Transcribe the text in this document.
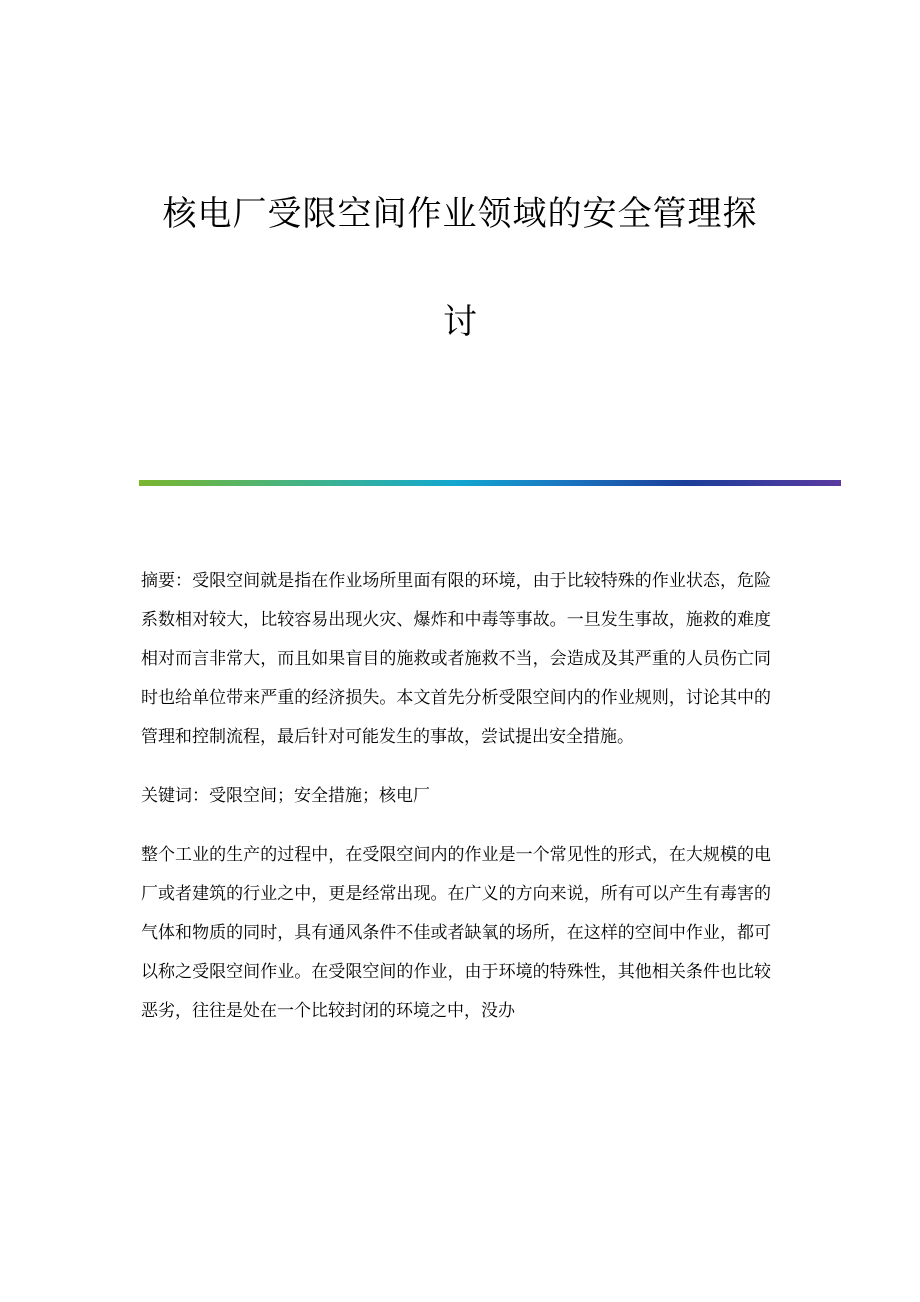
核电厂受限空间作业领域的安全管理探
讨

摘要：受限空间就是指在作业场所里面有限的环境，由于比较特殊的作业状态，危险系数相对较大，比较容易出现火灾、爆炸和中毒等事故。一旦发生事故，施救的难度相对而言非常大，而且如果盲目的施救或者施救不当，会造成及其严重的人员伤亡同时也给单位带来严重的经济损失。本文首先分析受限空间内的作业规则，讨论其中的管理和控制流程，最后针对可能发生的事故，尝试提出安全措施。

关键词：受限空间；安全措施；核电厂

整个工业的生产的过程中，在受限空间内的作业是一个常见性的形式，在大规模的电厂或者建筑的行业之中，更是经常出现。在广义的方向来说，所有可以产生有毒害的气体和物质的同时，具有通风条件不佳或者缺氧的场所，在这样的空间中作业，都可以称之受限空间作业。在受限空间的作业，由于环境的特殊性，其他相关条件也比较恶劣，往往是处在一个比较封闭的环境之中，没办
